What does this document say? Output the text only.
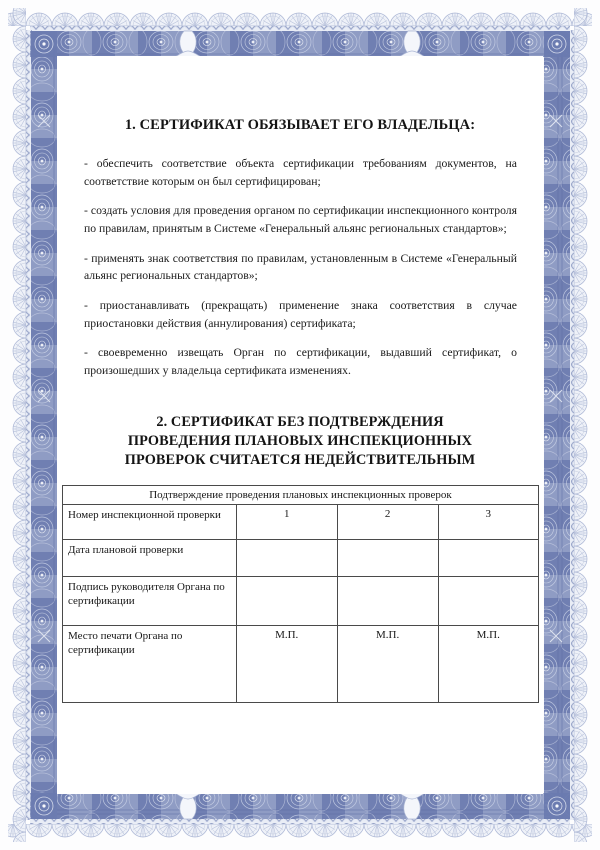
1. СЕРТИФИКАТ ОБЯЗЫВАЕТ ЕГО ВЛАДЕЛЬЦА:

- обеспечить соответствие объекта сертификации требованиям документов, на соответствие которым он был сертифицирован;

- создать условия для проведения органом по сертификации инспекционного контроля по правилам, принятым в Системе «Генеральный альянс региональных стандартов»;

- применять знак соответствия по правилам, установленным в Системе «Генеральный альянс региональных стандартов»;

- приостанавливать (прекращать) применение знака соответствия в случае приостановки действия (аннулирования) сертификата;

- своевременно извещать Орган по сертификации, выдавший сертификат, о произошедших у владельца сертификата изменениях.

2. СЕРТИФИКАТ БЕЗ ПОДТВЕРЖДЕНИЯ
ПРОВЕДЕНИЯ ПЛАНОВЫХ ИНСПЕКЦИОННЫХ
ПРОВЕРОК СЧИТАЕТСЯ НЕДЕЙСТВИТЕЛЬНЫМ
Подтверждение проведения плановых инспекционных проверок			
Номер инспекционной проверки	1	2	3
Дата плановой проверки			
Подпись руководителя Органа по сертификации			
Место печати Органа по сертификации	М.П.	М.П.	М.П.
